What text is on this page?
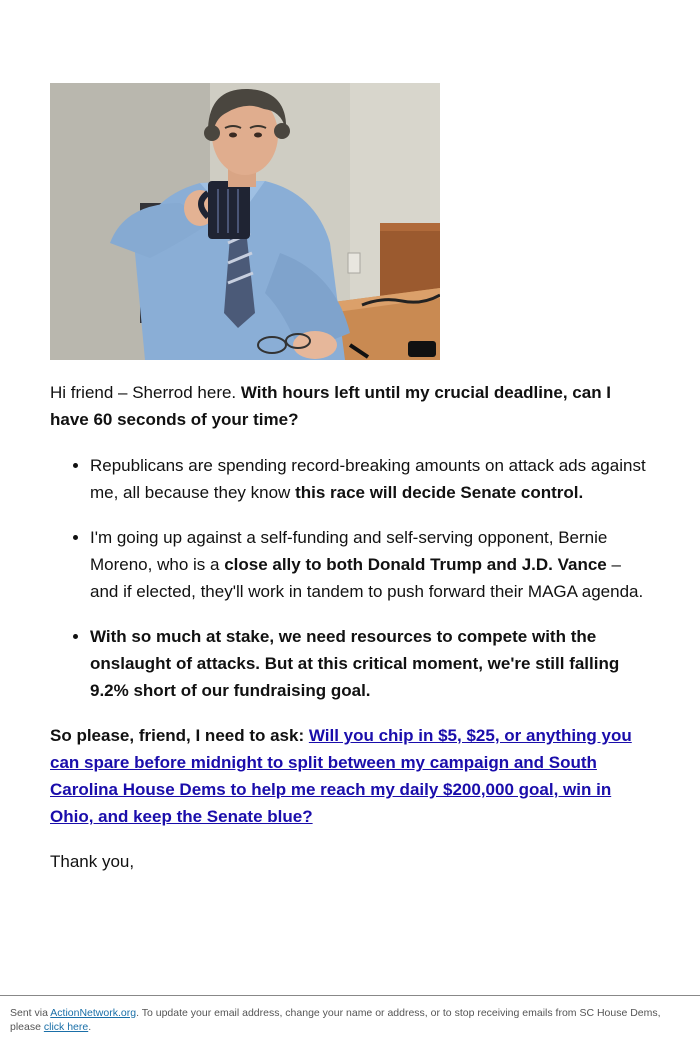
Hi friend – Sherrod here. With hours left until my crucial deadline, can I have 60 seconds of your time?

• Republicans are spending record-breaking amounts on attack ads against me, all because they know this race will decide Senate control.
• I'm going up against a self-funding and self-serving opponent, Bernie Moreno, who is a close ally to both Donald Trump and J.D. Vance – and if elected, they'll work in tandem to push forward their MAGA agenda.
• With so much at stake, we need resources to compete with the onslaught of attacks. But at this critical moment, we're still falling 9.2% short of our fundraising goal.

So please, friend, I need to ask: Will you chip in $5, $25, or anything you can spare before midnight to split between my campaign and South Carolina House Dems to help me reach my daily $200,000 goal, win in Ohio, and keep the Senate blue?

Thank you,

Sent via ActionNetwork.org. To update your email address, change your name or address, or to stop receiving emails from SC House Dems, please click here.
